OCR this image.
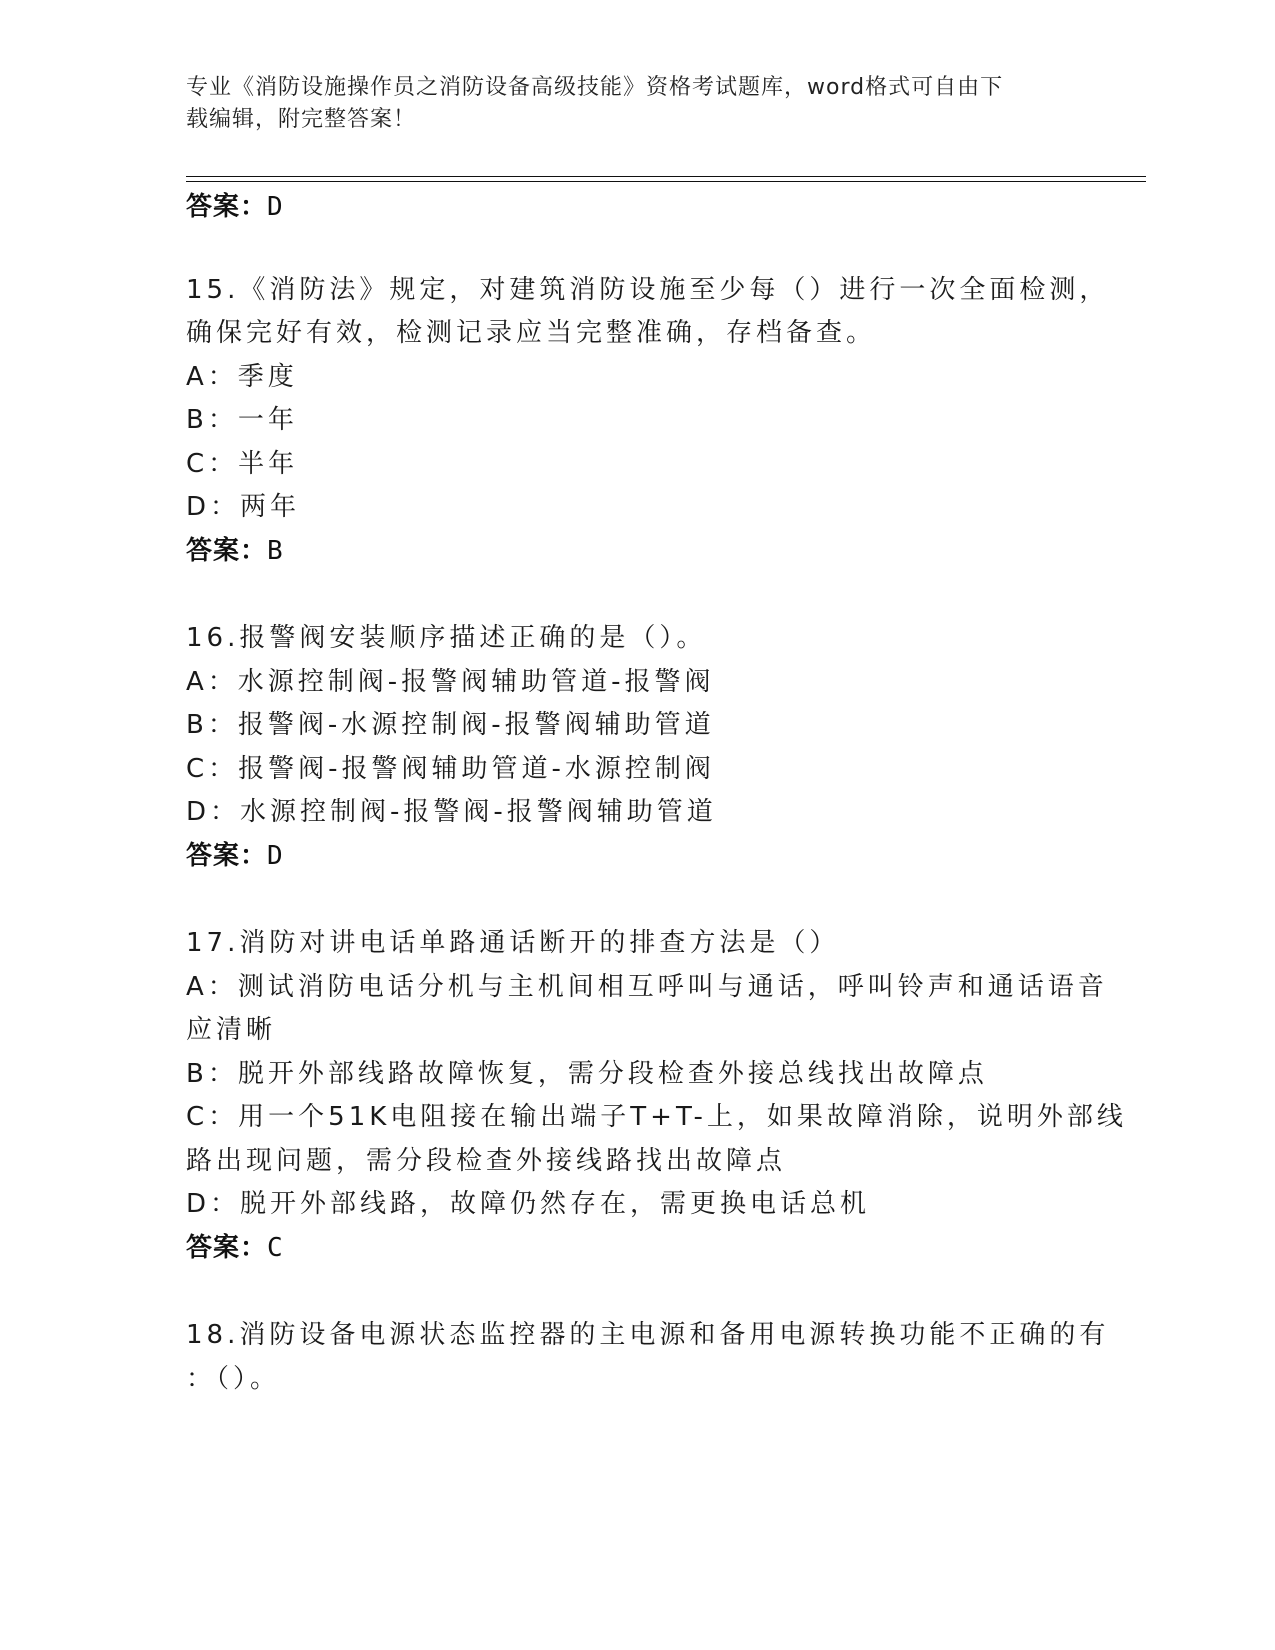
专业《消防设施操作员之消防设备高级技能》资格考试题库，word格式可自由下
载编辑，附完整答案！
答案：D
15.《消防法》规定，对建筑消防设施至少每（）进行一次全面检测，
确保完好有效，检测记录应当完整准确，存档备查。
A：季度
B：一年
C：半年
D：两年
答案：B
16.报警阀安装顺序描述正确的是（）。
A：水源控制阀-报警阀辅助管道-报警阀
B：报警阀-水源控制阀-报警阀辅助管道
C：报警阀-报警阀辅助管道-水源控制阀
D：水源控制阀-报警阀-报警阀辅助管道
答案：D
17.消防对讲电话单路通话断开的排查方法是（）
A：测试消防电话分机与主机间相互呼叫与通话，呼叫铃声和通话语音
应清晰
B：脱开外部线路故障恢复，需分段检查外接总线找出故障点
C：用一个51K电阻接在输出端子T+T-上，如果故障消除，说明外部线
路出现问题，需分段检查外接线路找出故障点
D：脱开外部线路，故障仍然存在，需更换电话总机
答案：C
18.消防设备电源状态监控器的主电源和备用电源转换功能不正确的有
：（）。
